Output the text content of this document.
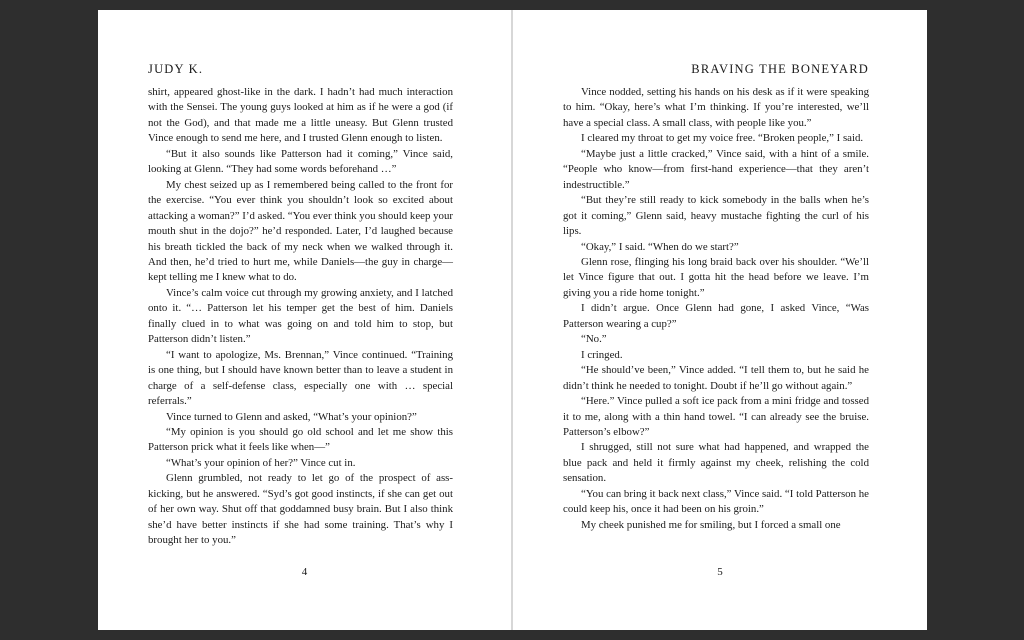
JUDY K.

shirt, appeared ghost-like in the dark. I hadn’t had much interaction with the Sensei. The young guys looked at him as if he were a god (if not the God), and that made me a little uneasy. But Glenn trusted Vince enough to send me here, and I trusted Glenn enough to listen.

“But it also sounds like Patterson had it coming,” Vince said, looking at Glenn. “They had some words beforehand …”

My chest seized up as I remembered being called to the front for the exercise. “You ever think you shouldn’t look so excited about attacking a woman?” I’d asked. “You ever think you should keep your mouth shut in the dojo?” he’d responded. Later, I’d laughed because his breath tickled the back of my neck when we walked through it. And then, he’d tried to hurt me, while Daniels—the guy in charge—kept telling me I knew what to do.

Vince’s calm voice cut through my growing anxiety, and I latched onto it. “… Patterson let his temper get the best of him. Daniels finally clued in to what was going on and told him to stop, but Patterson didn’t listen.”

“I want to apologize, Ms. Brennan,” Vince continued. “Training is one thing, but I should have known better than to leave a student in charge of a self-defense class, especially one with … special referrals.”

Vince turned to Glenn and asked, “What’s your opinion?”

“My opinion is you should go old school and let me show this Patterson prick what it feels like when—”

“What’s your opinion of her?” Vince cut in.

Glenn grumbled, not ready to let go of the prospect of ass-kicking, but he answered. “Syd’s got good instincts, if she can get out of her own way. Shut off that goddamned busy brain. But I also think she’d have better instincts if she had some training. That’s why I brought her to you.”

4
BRAVING THE BONEYARD

Vince nodded, setting his hands on his desk as if it were speaking to him. “Okay, here’s what I’m thinking. If you’re interested, we’ll have a special class. A small class, with people like you.”

I cleared my throat to get my voice free. “Broken people,” I said.

“Maybe just a little cracked,” Vince said, with a hint of a smile. “People who know—from first-hand experience—that they aren’t indestructible.”

“But they’re still ready to kick somebody in the balls when he’s got it coming,” Glenn said, heavy mustache fighting the curl of his lips.

“Okay,” I said. “When do we start?”

Glenn rose, flinging his long braid back over his shoulder. “We’ll let Vince figure that out. I gotta hit the head before we leave. I’m giving you a ride home tonight.”

I didn’t argue. Once Glenn had gone, I asked Vince, “Was Patterson wearing a cup?”

“No.”

I cringed.

“He should’ve been,” Vince added. “I tell them to, but he said he didn’t think he needed to tonight. Doubt if he’ll go without again.”

“Here.” Vince pulled a soft ice pack from a mini fridge and tossed it to me, along with a thin hand towel. “I can already see the bruise. Patterson’s elbow?”

I shrugged, still not sure what had happened, and wrapped the blue pack and held it firmly against my cheek, relishing the cold sensation.

“You can bring it back next class,” Vince said. “I told Patterson he could keep his, once it had been on his groin.”

My cheek punished me for smiling, but I forced a small one

5
